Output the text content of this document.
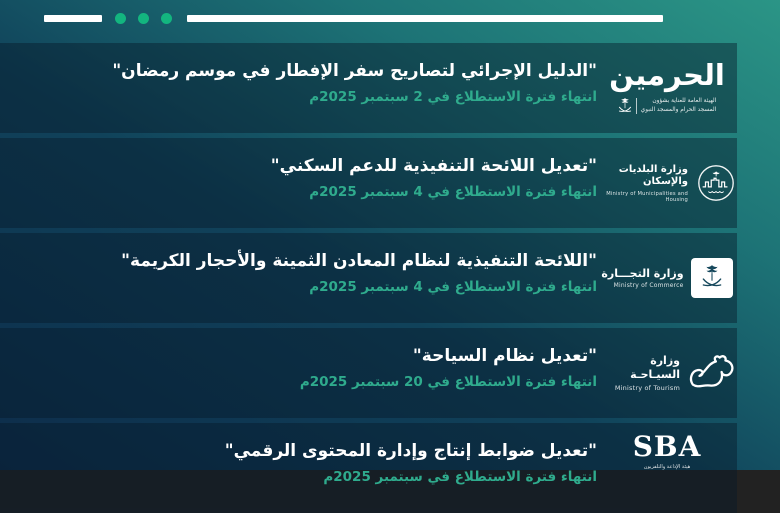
"الدليل الإجرائي لتصاريح سفر الإفطار في موسم رمضان"
انتهاء فترة الاستطلاع في 2 سبتمبر 2025م
الحرمين
الهيئة العامة للعناية بشؤون
المسجد الحرام والمسجد النبوي
"تعديل اللائحة التنفيذية للدعم السكني"
انتهاء فترة الاستطلاع في 4 سبتمبر 2025م
وزارة البلديات والإسكان
Ministry of Municipalities and Housing
"اللائحة التنفيذية لنظام المعادن الثمينة والأحجار الكريمة"
انتهاء فترة الاستطلاع في 4 سبتمبر 2025م
وزارة التجـــارة
Ministry of Commerce
"تعديل نظام السياحة"
انتهاء فترة الاستطلاع في 20 سبتمبر 2025م
وزارة السيـاحـة
Ministry of Tourism
"تعديل ضوابط إنتاج وإدارة المحتوى الرقمي"
انتهاء فترة الاستطلاع في سبتمبر 2025م
SBA
هيئة الإذاعة والتلفزيون
